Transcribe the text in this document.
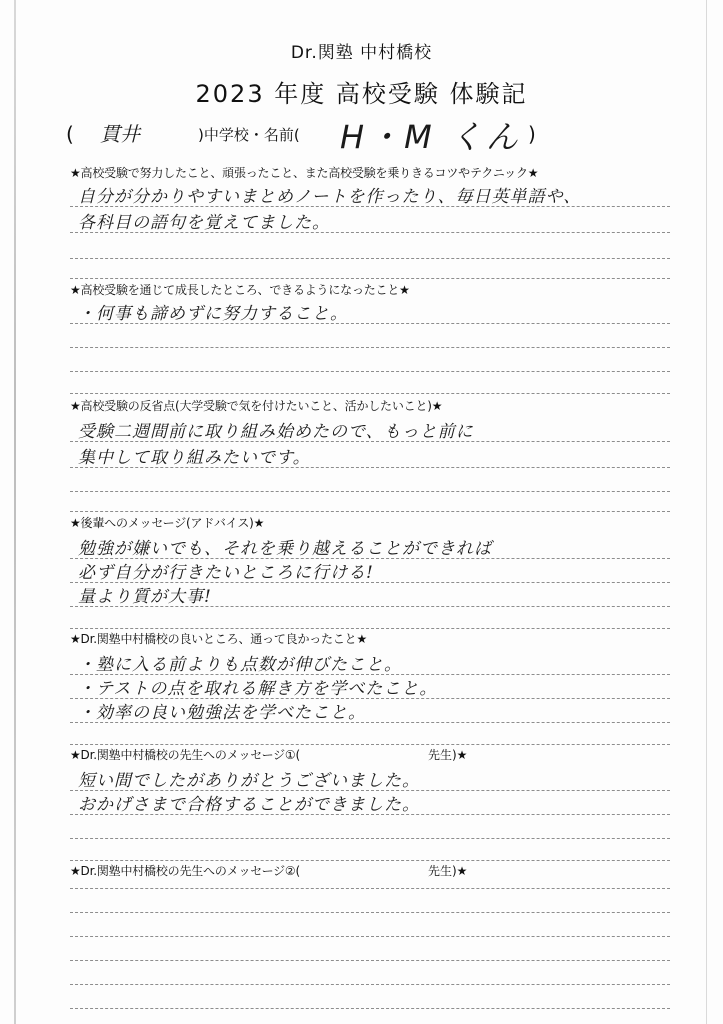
Dr.関塾 中村橋校
2023 年度 高校受験 体験記
( 貫井	)中学校・名前( H・M くん )
★高校受験で努力したこと、頑張ったこと、また高校受験を乗りきるコツやテクニック★
自分が分かりやすいまとめノートを作ったり、毎日英単語や、
各科目の語句を覚えてました。
★高校受験を通じて成長したところ、できるようになったこと★
・何事も諦めずに努力すること。
★高校受験の反省点(大学受験で気を付けたいこと、活かしたいこと)★
受験二週間前に取り組み始めたので、もっと前に
集中して取り組みたいです。
★後輩へのメッセージ(アドバイス)★
勉強が嫌いでも、それを乗り越えることができれば
必ず自分が行きたいところに行ける!
量より質が大事!
★Dr.関塾中村橋校の良いところ、通って良かったこと★
・塾に入る前よりも点数が伸びたこと。
・テストの点を取れる解き方を学べたこと。
・効率の良い勉強法を学べたこと。
★Dr.関塾中村橋校の先生へのメッセージ①(	先生)★
短い間でしたがありがとうございました。
おかげさまで合格することができました。
★Dr.関塾中村橋校の先生へのメッセージ②(	先生)★
